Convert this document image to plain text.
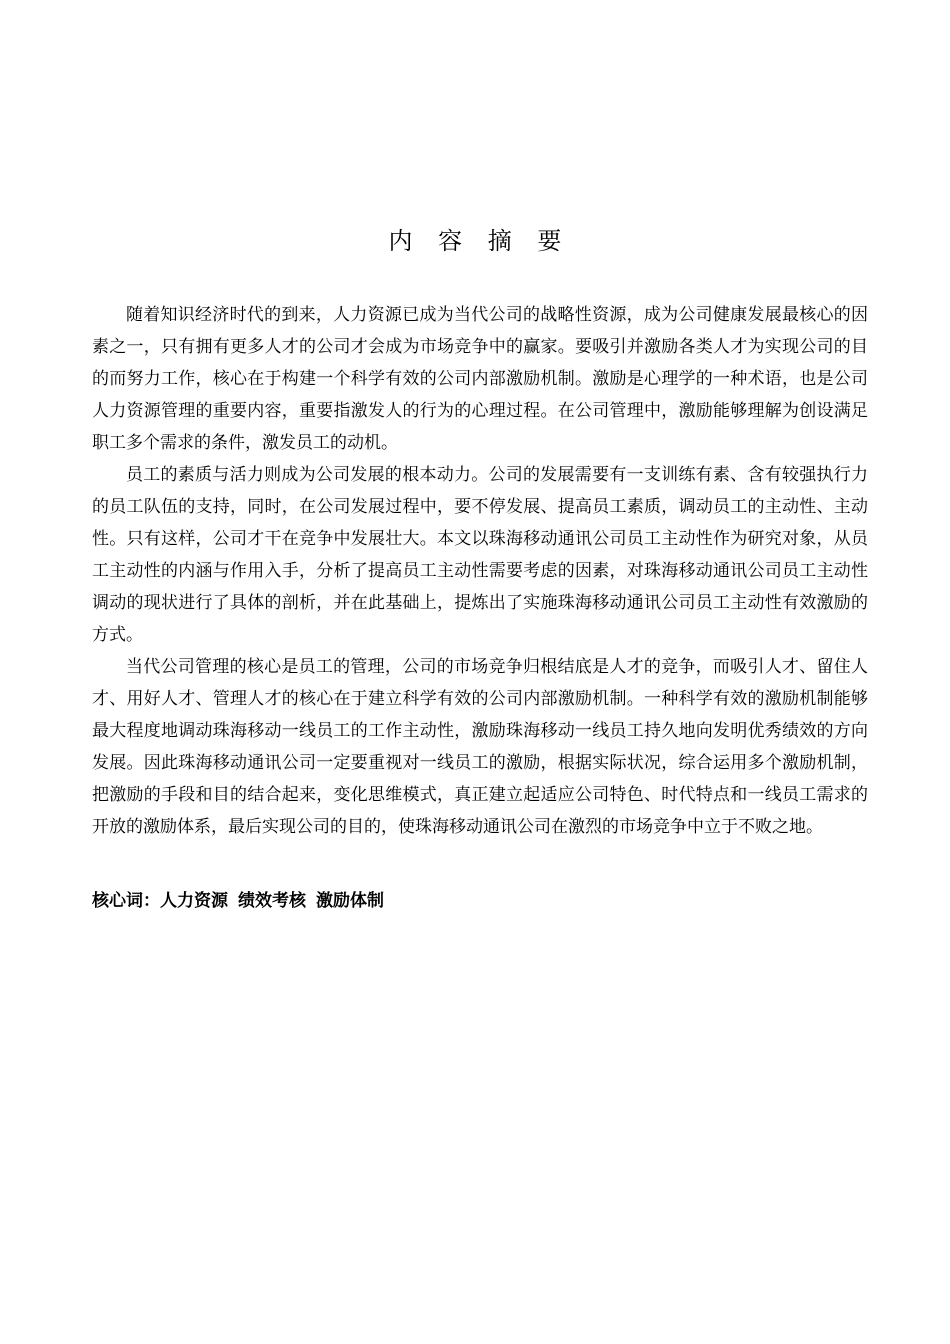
内 容 摘 要

随着知识经济时代的到来，人力资源已成为当代公司的战略性资源，成为公司健康发展最核心的因素之一，只有拥有更多人才的公司才会成为市场竞争中的赢家。要吸引并激励各类人才为实现公司的目的而努力工作，核心在于构建一个科学有效的公司内部激励机制。激励是心理学的一种术语，也是公司人力资源管理的重要内容，重要指激发人的行为的心理过程。在公司管理中，激励能够理解为创设满足职工多个需求的条件，激发员工的动机。

员工的素质与活力则成为公司发展的根本动力。公司的发展需要有一支训练有素、含有较强执行力的员工队伍的支持，同时，在公司发展过程中，要不停发展、提高员工素质，调动员工的主动性、主动性。只有这样，公司才干在竞争中发展壮大。本文以珠海移动通讯公司员工主动性作为研究对象，从员工主动性的内涵与作用入手，分析了提高员工主动性需要考虑的因素，对珠海移动通讯公司员工主动性调动的现状进行了具体的剖析，并在此基础上，提炼出了实施珠海移动通讯公司员工主动性有效激励的方式。

当代公司管理的核心是员工的管理，公司的市场竞争归根结底是人才的竞争，而吸引人才、留住人才、用好人才、管理人才的核心在于建立科学有效的公司内部激励机制。一种科学有效的激励机制能够最大程度地调动珠海移动一线员工的工作主动性，激励珠海移动一线员工持久地向发明优秀绩效的方向发展。因此珠海移动通讯公司一定要重视对一线员工的激励，根据实际状况，综合运用多个激励机制，把激励的手段和目的结合起来，变化思维模式，真正建立起适应公司特色、时代特点和一线员工需求的开放的激励体系，最后实现公司的目的，使珠海移动通讯公司在激烈的市场竞争中立于不败之地。

核心词：人力资源 绩效考核 激励体制
